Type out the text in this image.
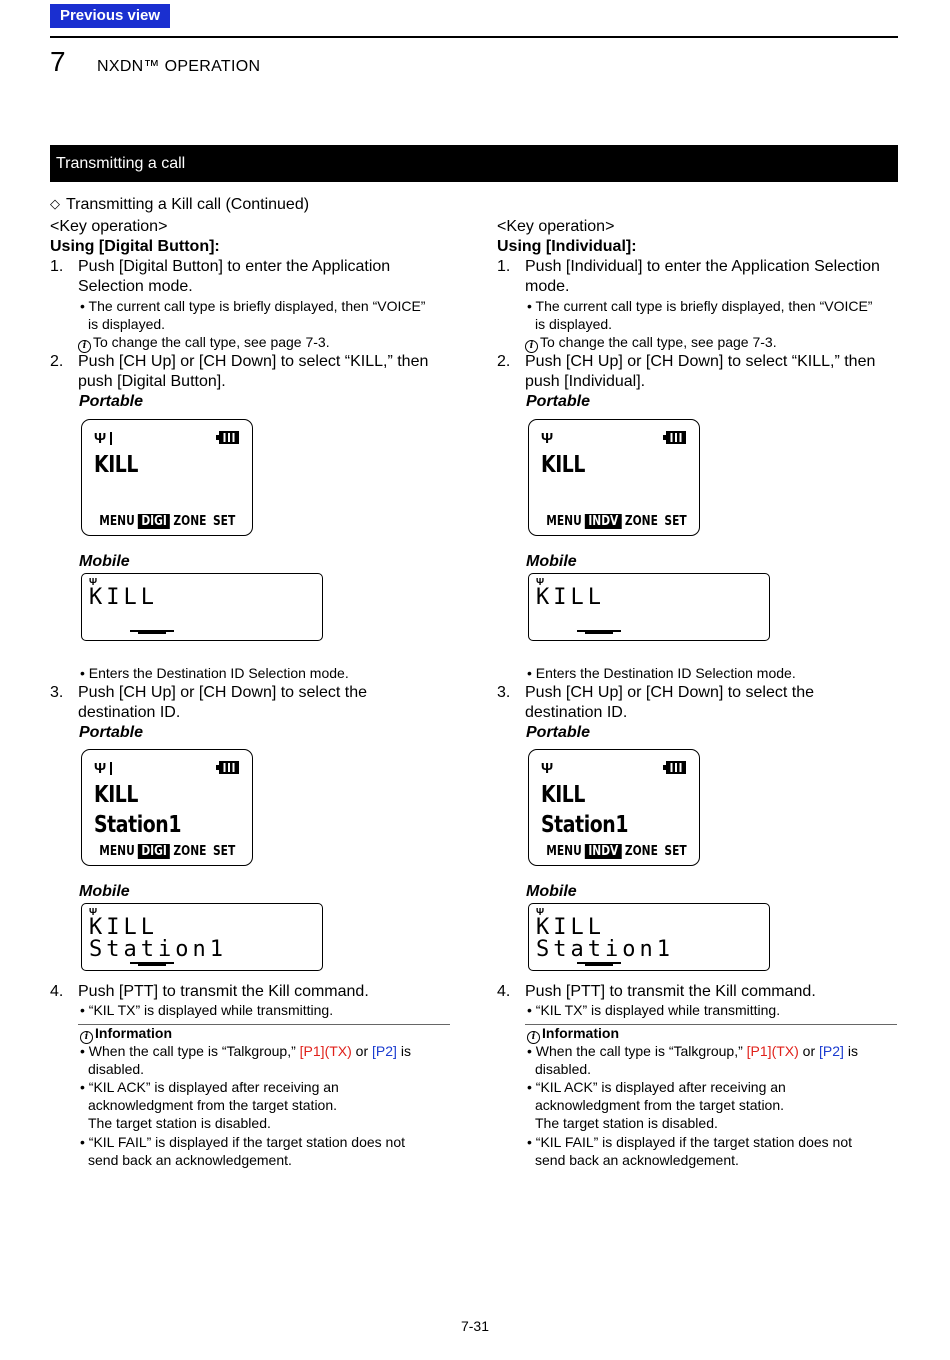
Previous view
7 NXDN™ OPERATION
Transmitting a call
◇ Transmitting a Kill call (Continued)
<Key operation>
Using [Digital Button]:
1. Push [Digital Button] to enter the Application
Selection mode.
• The current call type is briefly displayed, then “VOICE”
is displayed.
i To change the call type, see page 7-3.
2. Push [CH Up] or [CH Down] to select “KILL,” then
push [Digital Button].
Portable
Ψ
KILL
MENU DIGI ZONE SET
Mobile
Ψ
KILL
• Enters the Destination ID Selection mode.
3. Push [CH Up] or [CH Down] to select the
destination ID.
Portable
Ψ
KILL
Station1
MENU DIGI ZONE SET
Mobile
Ψ
KILL
Station1
4. Push [PTT] to transmit the Kill command.
• “KIL TX” is displayed while transmitting.
i Information
• When the call type is “Talkgroup,” [P1](TX) or [P2] is
disabled.
• “KIL ACK” is displayed after receiving an
acknowledgment from the target station.
The target station is disabled.
• “KIL FAIL” is displayed if the target station does not
send back an acknowledgement.
<Key operation>
Using [Individual]:
1. Push [Individual] to enter the Application Selection
mode.
• The current call type is briefly displayed, then “VOICE”
is displayed.
i To change the call type, see page 7-3.
2. Push [CH Up] or [CH Down] to select “KILL,” then
push [Individual].
Portable
Ψ
KILL
MENU INDV ZONE SET
Mobile
Ψ
KILL
• Enters the Destination ID Selection mode.
3. Push [CH Up] or [CH Down] to select the
destination ID.
Portable
Ψ
KILL
Station1
MENU INDV ZONE SET
Mobile
Ψ
KILL
Station1
4. Push [PTT] to transmit the Kill command.
• “KIL TX” is displayed while transmitting.
i Information
• When the call type is “Talkgroup,” [P1](TX) or [P2] is
disabled.
• “KIL ACK” is displayed after receiving an
acknowledgment from the target station.
The target station is disabled.
• “KIL FAIL” is displayed if the target station does not
send back an acknowledgement.
7-31
